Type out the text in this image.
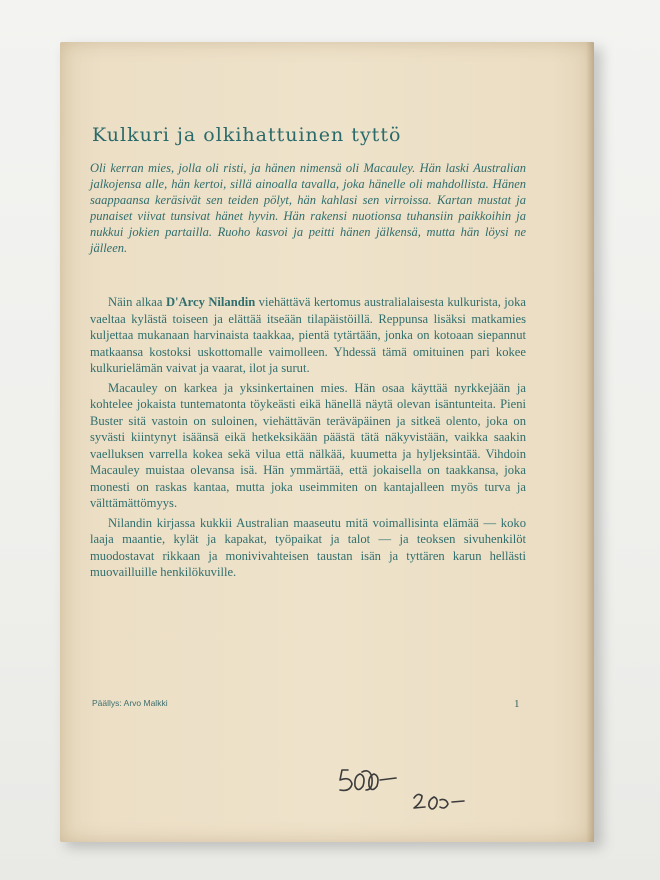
Kulkuri ja olkihattuinen tyttö

Oli kerran mies, jolla oli risti, ja hänen nimensä oli Macauley. Hän laski Australian jalkojensa alle, hän kertoi, sillä ainoalla tavalla, joka hänelle oli mahdollista. Hänen saappaansa keräsivät sen teiden pölyt, hän kahlasi sen virroissa. Kartan mustat ja punaiset viivat tunsivat hänet hyvin. Hän rakensi nuotionsa tuhansiin paikkoihin ja nukkui jokien partailla. Ruoho kasvoi ja peitti hänen jälkensä, mutta hän löysi ne jälleen.

Näin alkaa D'Arcy Nilandin viehättävä kertomus australialaisesta kulkurista, joka vaeltaa kylästä toiseen ja elättää itseään tilapäistöillä. Reppunsa lisäksi matkamies kuljettaa mukanaan harvinaista taakkaa, pientä tytärtään, jonka on kotoaan siepannut matkaansa kostoksi uskottomalle vaimolleen. Yhdessä tämä omituinen pari kokee kulkurielämän vaivat ja vaarat, ilot ja surut.

Macauley on karkea ja yksinkertainen mies. Hän osaa käyttää nyrkkejään ja kohtelee jokaista tuntematonta töykeästi eikä hänellä näytä olevan isäntunteita. Pieni Buster sitä vastoin on suloinen, viehättävän teräväpäinen ja sitkeä olento, joka on syvästi kiintynyt isäänsä eikä hetkeksikään päästä tätä näkyvistään, vaikka saakin vaelluksen varrella kokea sekä vilua että nälkää, kuumetta ja hyljeksintää. Vihdoin Macauley muistaa olevansa isä. Hän ymmärtää, että jokaisella on taakkansa, joka monesti on raskas kantaa, mutta joka useimmiten on kantajalleen myös turva ja välttämättömyys.

Nilandin kirjassa kukkii Australian maaseutu mitä voimallisinta elämää — koko laaja maantie, kylät ja kapakat, työpaikat ja talot — ja teoksen sivuhenkilöt muodostavat rikkaan ja monivivahteisen taustan isän ja tyttären karun hellästi muovailluille henkilökuville.

Päällys: Arvo Malkki	1
